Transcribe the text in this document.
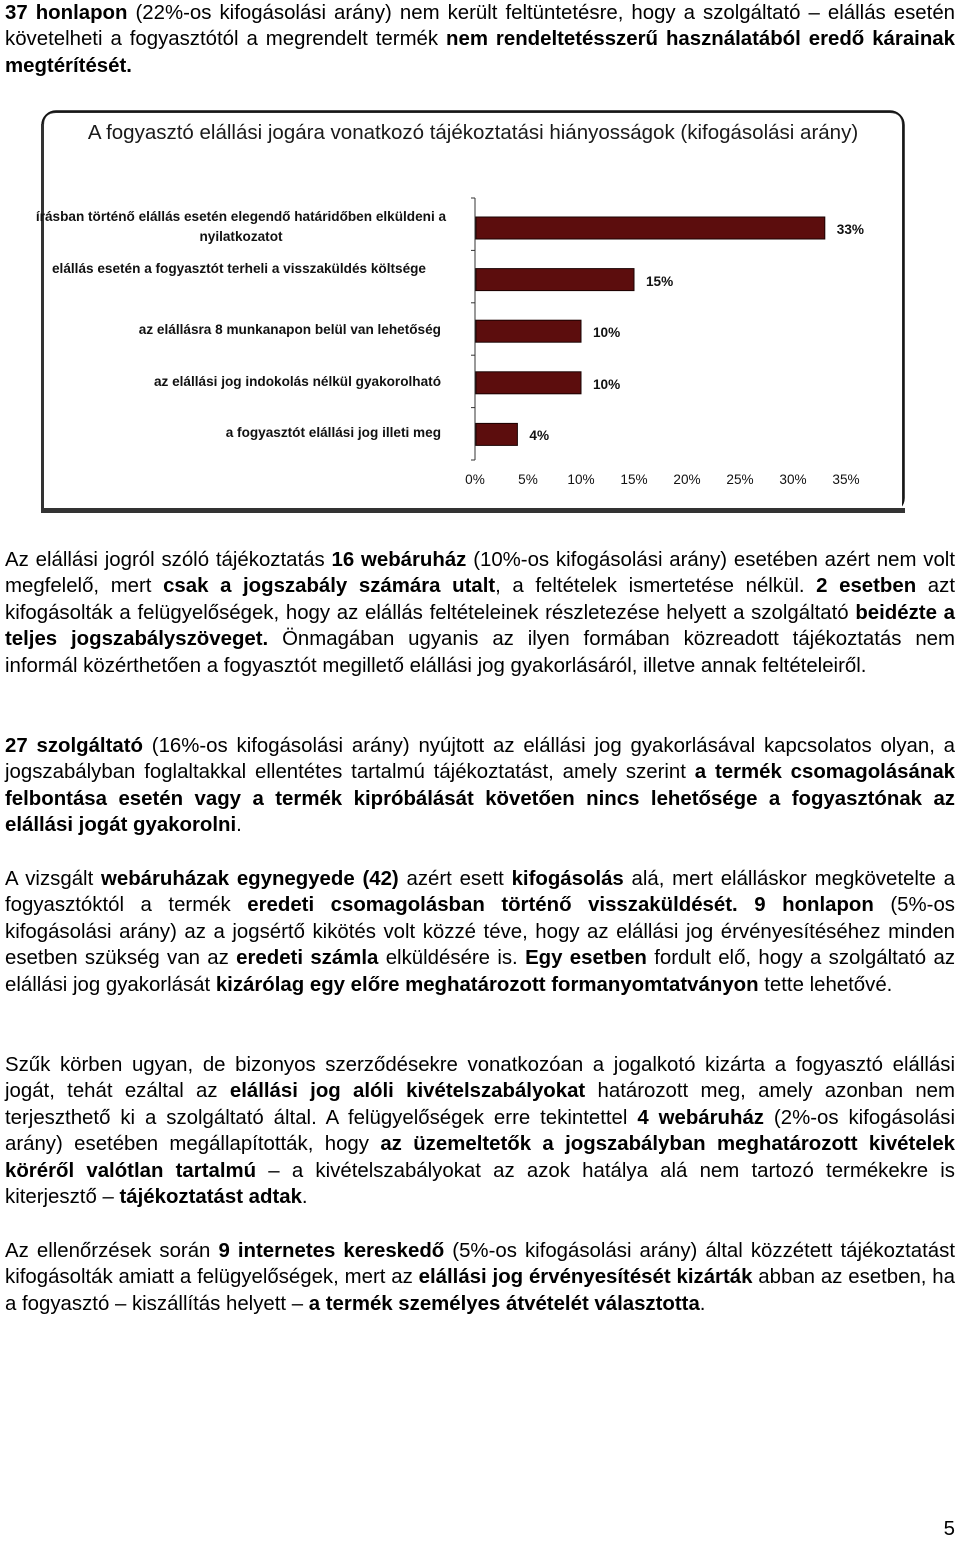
37 honlapon (22%-os kifogásolási arány) nem került feltüntetésre, hogy a szolgáltató – elállás esetén követelheti a fogyasztótól a megrendelt termék nem rendeltetésszerű használatából eredő kárainak megtérítését.

A fogyasztó elállási jogára vonatkozó tájékoztatási hiányosságok (kifogásolási arány)
írásban történő elállás esetén elegendő határidőben elküldeni a nyilatkozatot	33%
elállás esetén a fogyasztót terheli a visszaküldés költsége
15%
az elállásra 8 munkanapon belül van lehetőség	10%
az elállási jog indokolás nélkül gyakorolható	10%
a fogyasztót elállási jog illeti meg	4%
0% 5% 10% 15% 20% 25% 30% 35%

Az elállási jogról szóló tájékoztatás 16 webáruház (10%-os kifogásolási arány) esetében azért nem volt megfelelő, mert csak a jogszabály számára utalt, a feltételek ismertetése nélkül. 2 esetben azt kifogásolták a felügyelőségek, hogy az elállás feltételeinek részletezése helyett a szolgáltató beidézte a teljes jogszabályszöveget. Önmagában ugyanis az ilyen formában közreadott tájékoztatás nem informál közérthetően a fogyasztót megillető elállási jog gyakorlásáról, illetve annak feltételeiről.

27 szolgáltató (16%-os kifogásolási arány) nyújtott az elállási jog gyakorlásával kapcsolatos olyan, a jogszabályban foglaltakkal ellentétes tartalmú tájékoztatást, amely szerint a termék csomagolásának felbontása esetén vagy a termék kipróbálását követően nincs lehetősége a fogyasztónak az elállási jogát gyakorolni.

A vizsgált webáruházak egynegyede (42) azért esett kifogásolás alá, mert elálláskor megkövetelte a fogyasztóktól a termék eredeti csomagolásban történő visszaküldését. 9 honlapon (5%-os kifogásolási arány) az a jogsértő kikötés volt közzé téve, hogy az elállási jog érvényesítéséhez minden esetben szükség van az eredeti számla elküldésére is. Egy esetben fordult elő, hogy a szolgáltató az elállási jog gyakorlását kizárólag egy előre meghatározott formanyomtatványon tette lehetővé.

Szűk körben ugyan, de bizonyos szerződésekre vonatkozóan a jogalkotó kizárta a fogyasztó elállási jogát, tehát ezáltal az elállási jog alóli kivételszabályokat határozott meg, amely azonban nem terjeszthető ki a szolgáltató által. A felügyelőségek erre tekintettel 4 webáruház (2%-os kifogásolási arány) esetében megállapították, hogy az üzemeltetők a jogszabályban meghatározott kivételek köréről valótlan tartalmú – a kivételszabályokat az azok hatálya alá nem tartozó termékekre is kiterjesztő – tájékoztatást adtak.

Az ellenőrzések során 9 internetes kereskedő (5%-os kifogásolási arány) által közzétett tájékoztatást kifogásolták amiatt a felügyelőségek, mert az elállási jog érvényesítését kizárták abban az esetben, ha a fogyasztó – kiszállítás helyett – a termék személyes átvételét választotta.

5
